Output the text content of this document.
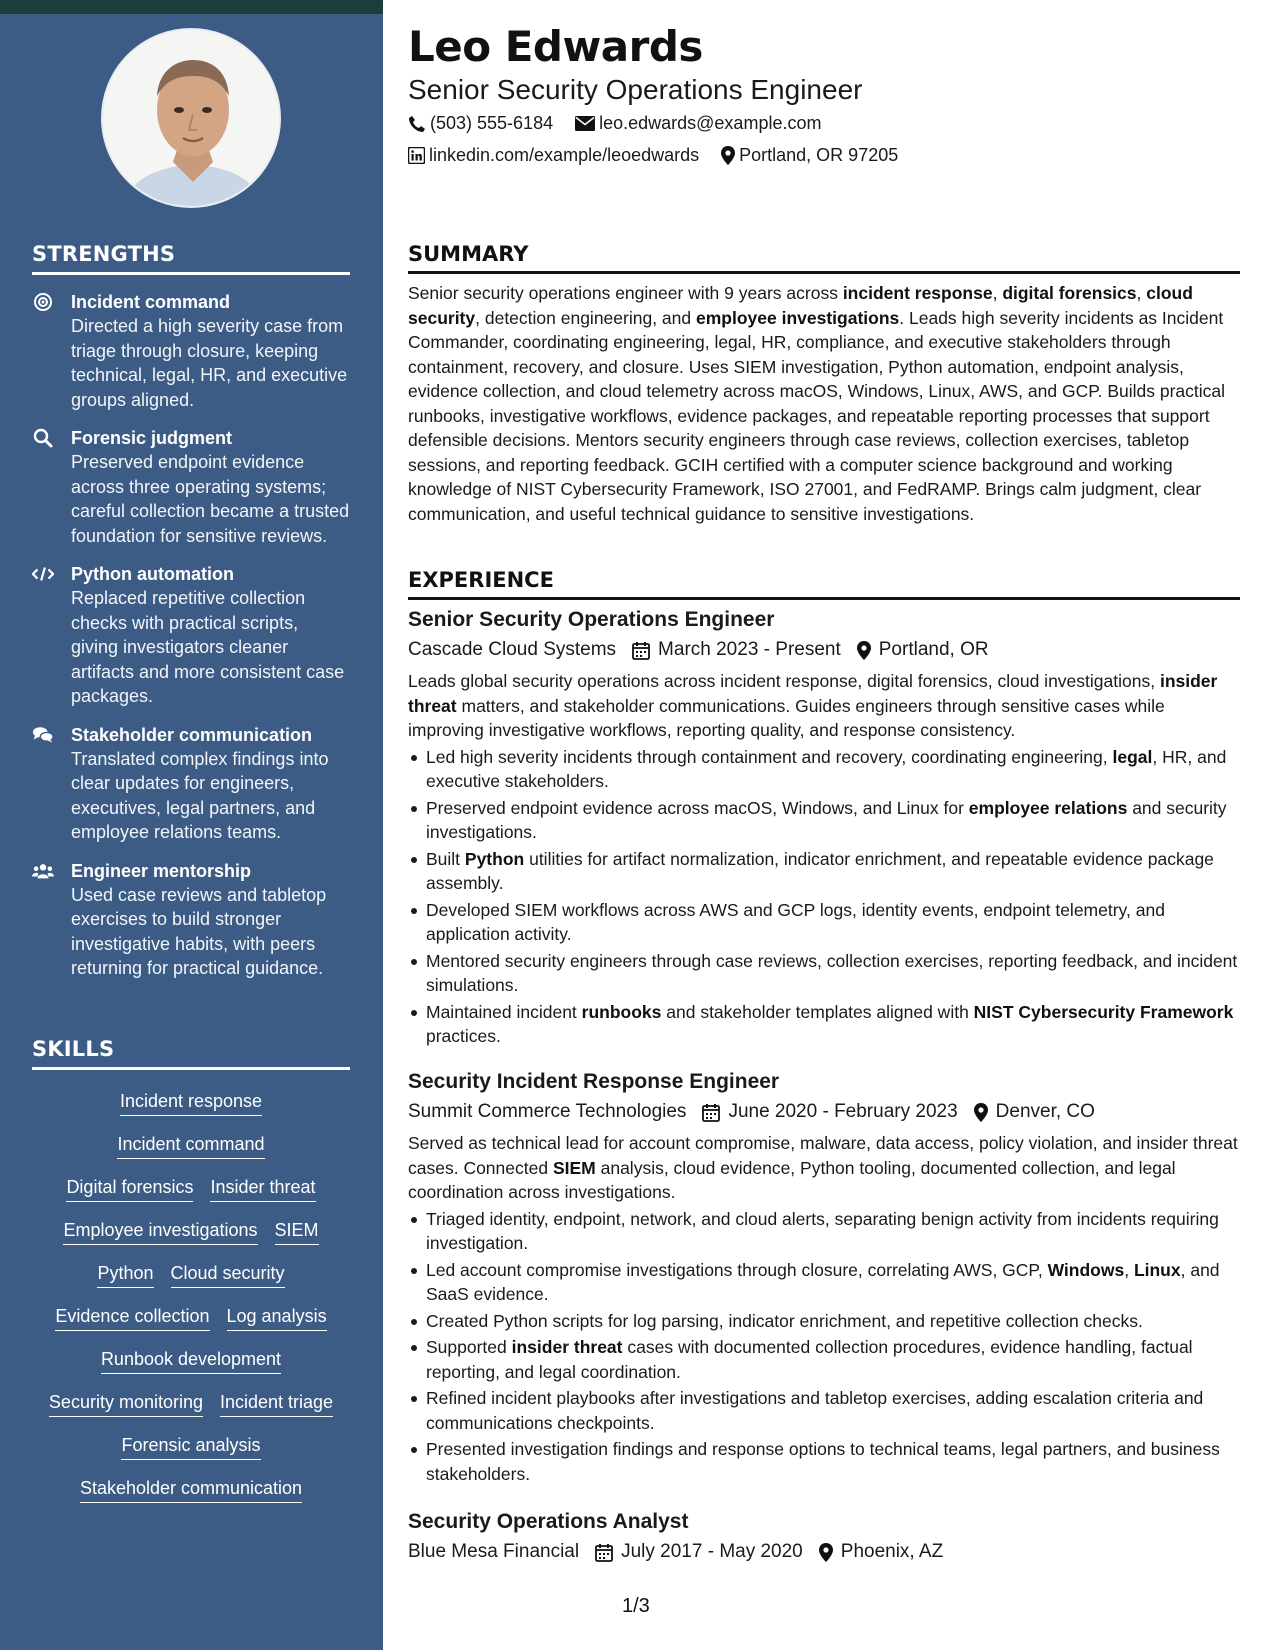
STRENGTHS
Incident command
Directed a high severity case from triage through closure, keeping technical, legal, HR, and executive groups aligned.
Forensic judgment
Preserved endpoint evidence across three operating systems; careful collection became a trusted foundation for sensitive reviews.
Python automation
Replaced repetitive collection checks with practical scripts, giving investigators cleaner artifacts and more consistent case packages.
Stakeholder communication
Translated complex findings into clear updates for engineers, executives, legal partners, and employee relations teams.
Engineer mentorship
Used case reviews and tabletop exercises to build stronger investigative habits, with peers returning for practical guidance.
SKILLS
Incident response
Incident command
Digital forensics Insider threat
Employee investigations SIEM
Python Cloud security
Evidence collection Log analysis
Runbook development
Security monitoring Incident triage
Forensic analysis
Stakeholder communication
Leo Edwards
Senior Security Operations Engineer
(503) 555-6184	leo.edwards@example.com
linkedin.com/example/leoedwards Portland, OR 97205
SUMMARY

Senior security operations engineer with 9 years across incident response, digital forensics, cloud security, detection engineering, and employee investigations. Leads high severity incidents as Incident Commander, coordinating engineering, legal, HR, compliance, and executive stakeholders through containment, recovery, and closure. Uses SIEM investigation, Python automation, endpoint analysis, evidence collection, and cloud telemetry across macOS, Windows, Linux, AWS, and GCP. Builds practical runbooks, investigative workflows, evidence packages, and repeatable reporting processes that support defensible decisions. Mentors security engineers through case reviews, collection exercises, tabletop sessions, and reporting feedback. GCIH certified with a computer science background and working knowledge of NIST Cybersecurity Framework, ISO 27001, and FedRAMP. Brings calm judgment, clear communication, and useful technical guidance to sensitive investigations.

EXPERIENCE
Senior Security Operations Engineer
Cascade Cloud Systems March 2023 - Present Portland, OR

Leads global security operations across incident response, digital forensics, cloud investigations, insider threat matters, and stakeholder communications. Guides engineers through sensitive cases while improving investigative workflows, reporting quality, and response consistency.

Led high severity incidents through containment and recovery, coordinating engineering, legal, HR, and executive stakeholders.
Preserved endpoint evidence across macOS, Windows, and Linux for employee relations and security investigations.
Built Python utilities for artifact normalization, indicator enrichment, and repeatable evidence package assembly.
Developed SIEM workflows across AWS and GCP logs, identity events, endpoint telemetry, and application activity.
Mentored security engineers through case reviews, collection exercises, reporting feedback, and incident simulations.
Maintained incident runbooks and stakeholder templates aligned with NIST Cybersecurity Framework practices.
Security Incident Response Engineer
Summit Commerce Technologies June 2020 - February 2023 Denver, CO

Served as technical lead for account compromise, malware, data access, policy violation, and insider threat cases. Connected SIEM analysis, cloud evidence, Python tooling, documented collection, and legal coordination across investigations.

Triaged identity, endpoint, network, and cloud alerts, separating benign activity from incidents requiring investigation.
Led account compromise investigations through closure, correlating AWS, GCP, Windows, Linux, and SaaS evidence.
Created Python scripts for log parsing, indicator enrichment, and repetitive collection checks.
Supported insider threat cases with documented collection procedures, evidence handling, factual reporting, and legal coordination.
Refined incident playbooks after investigations and tabletop exercises, adding escalation criteria and communications checkpoints.
Presented investigation findings and response options to technical teams, legal partners, and business stakeholders.
Security Operations Analyst
Blue Mesa Financial July 2017 - May 2020 Phoenix, AZ
1/3
